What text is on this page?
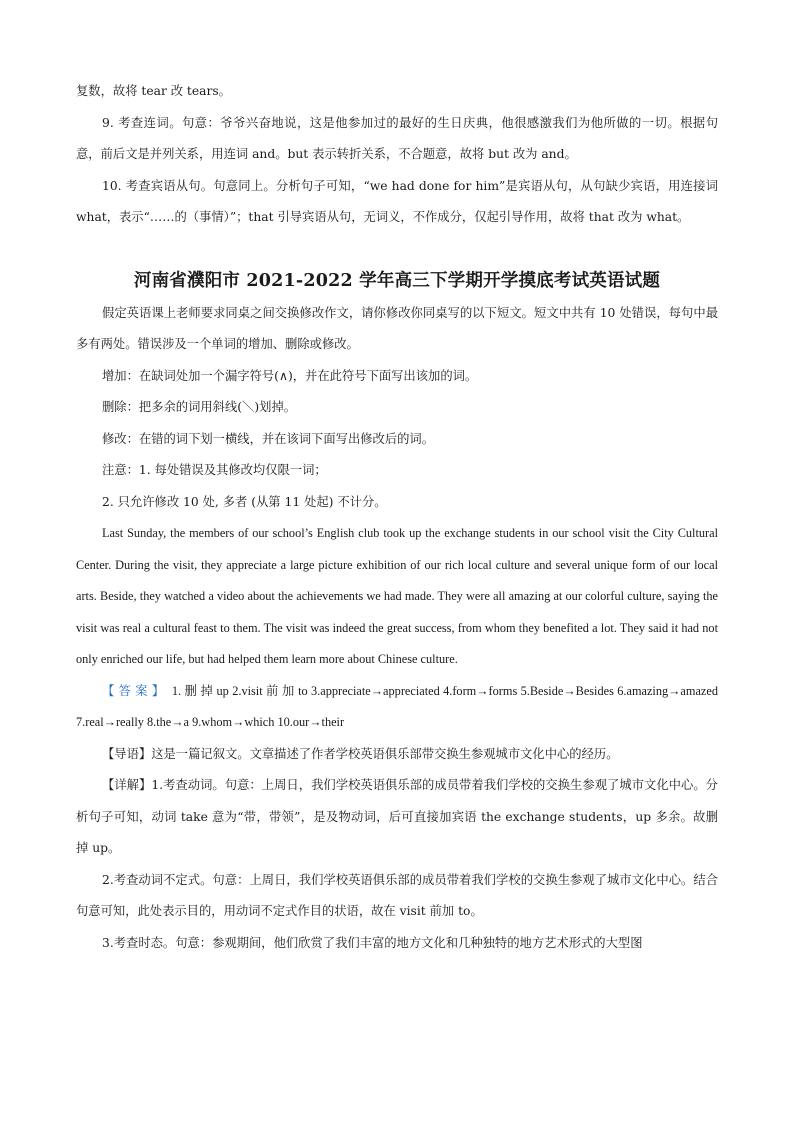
复数，故将 tear 改 tears。

9. 考查连词。句意：爷爷兴奋地说，这是他参加过的最好的生日庆典，他很感激我们为他所做的一切。根据句意，前后文是并列关系，用连词 and。but 表示转折关系，不合题意，故将 but 改为 and。

10. 考查宾语从句。句意同上。分析句子可知，“we had done for him”是宾语从句，从句缺少宾语，用连接词 what，表示“……的（事情）”；that 引导宾语从句，无词义，不作成分，仅起引导作用，故将 that 改为 what。

河南省濮阳市 2021-2022 学年高三下学期开学摸底考试英语试题

假定英语课上老师要求同桌之间交换修改作文，请你修改你同桌写的以下短文。短文中共有 10 处错误，每句中最多有两处。错误涉及一个单词的增加、删除或修改。

增加：在缺词处加一个漏字符号(∧)，并在此符号下面写出该加的词。

删除：把多余的词用斜线(＼)划掉。

修改：在错的词下划一横线，并在该词下面写出修改后的词。

注意：1. 每处错误及其修改均仅限一词；

2. 只允许修改 10 处, 多者 (从第 11 处起) 不计分。

Last Sunday, the members of our school’s English club took up the exchange students in our school visit the City Cultural Center. During the visit, they appreciate a large picture exhibition of our rich local culture and several unique form of our local arts. Beside, they watched a video about the achievements we had made. They were all amazing at our colorful culture, saying the visit was real a cultural feast to them. The visit was indeed the great success, from whom they benefited a lot. They said it had not only enriched our life, but had helped them learn more about Chinese culture.

【答案】 1. 删 掉 up 2.visit 前 加 to 3.appreciate→appreciated 4.form→forms 5.Beside→Besides 6.amazing→amazed 7.real→really 8.the→a 9.whom→which 10.our→their

【导语】这是一篇记叙文。文章描述了作者学校英语俱乐部带交换生参观城市文化中心的经历。

【详解】1.考查动词。句意：上周日，我们学校英语俱乐部的成员带着我们学校的交换生参观了城市文化中心。分析句子可知，动词 take 意为“带，带领”，是及物动词，后可直接加宾语 the exchange students，up 多余。故删掉 up。

2.考查动词不定式。句意：上周日，我们学校英语俱乐部的成员带着我们学校的交换生参观了城市文化中心。结合句意可知，此处表示目的，用动词不定式作目的状语，故在 visit 前加 to。

3.考查时态。句意：参观期间，他们欣赏了我们丰富的地方文化和几种独特的地方艺术形式的大型图
